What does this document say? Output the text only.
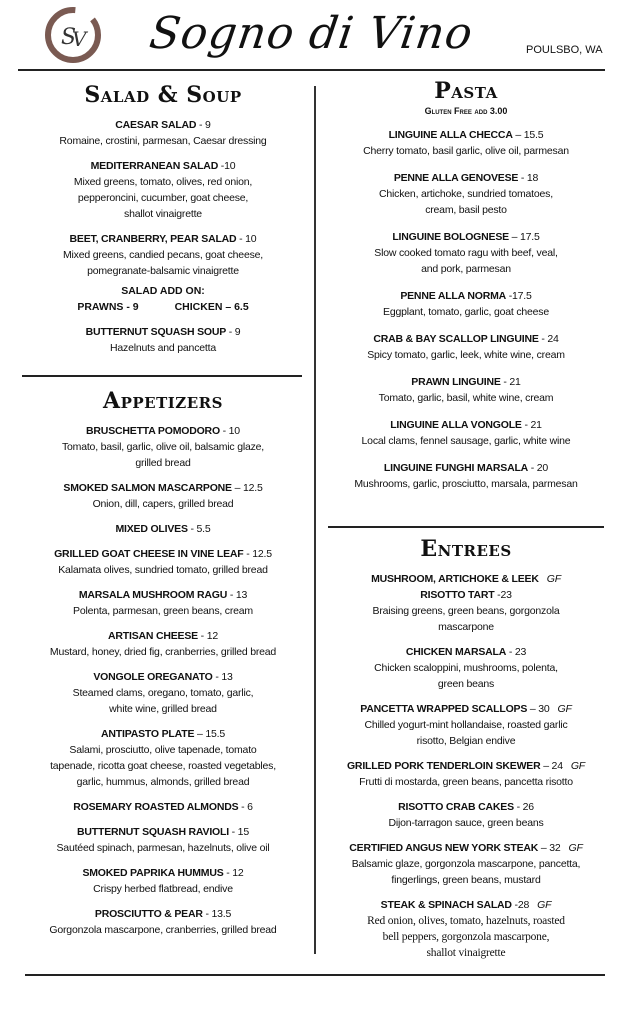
S
V Sogno di Vino	POULSBO, WA
Salad & Soup
CAESAR SALAD - 9
Romaine, crostini, parmesan, Caesar dressing
MEDITERRANEAN SALAD -10
Mixed greens, tomato, olives, red onion,
pepperoncini, cucumber, goat cheese,
shallot vinaigrette
BEET, CRANBERRY, PEAR SALAD - 10
Mixed greens, candied pecans, goat cheese,
pomegranate-balsamic vinaigrette
SALAD ADD ON:
PRAWNS - 9	CHICKEN – 6.5
BUTTERNUT SQUASH SOUP - 9
Hazelnuts and pancetta
Appetizers
BRUSCHETTA POMODORO - 10
Tomato, basil, garlic, olive oil, balsamic glaze,
grilled bread
SMOKED SALMON MASCARPONE – 12.5
Onion, dill, capers, grilled bread
MIXED OLIVES - 5.5
GRILLED GOAT CHEESE IN VINE LEAF - 12.5
Kalamata olives, sundried tomato, grilled bread
MARSALA MUSHROOM RAGU - 13
Polenta, parmesan, green beans, cream
ARTISAN CHEESE - 12
Mustard, honey, dried fig, cranberries, grilled bread
VONGOLE OREGANATO - 13
Steamed clams, oregano, tomato, garlic,
white wine, grilled bread
ANTIPASTO PLATE – 15.5
Salami, prosciutto, olive tapenade, tomato
tapenade, ricotta goat cheese, roasted vegetables,
garlic, hummus, almonds, grilled bread
ROSEMARY ROASTED ALMONDS - 6
BUTTERNUT SQUASH RAVIOLI - 15
Sautéed spinach, parmesan, hazelnuts, olive oil
SMOKED PAPRIKA HUMMUS - 12
Crispy herbed flatbread, endive
PROSCIUTTO & PEAR - 13.5
Gorgonzola mascarpone, cranberries, grilled bread
Pasta
Gluten Free add 3.00
LINGUINE ALLA CHECCA – 15.5
Cherry tomato, basil garlic, olive oil, parmesan
PENNE ALLA GENOVESE - 18
Chicken, artichoke, sundried tomatoes,
cream, basil pesto
LINGUINE BOLOGNESE – 17.5
Slow cooked tomato ragu with beef, veal,
and pork, parmesan
PENNE ALLA NORMA -17.5
Eggplant, tomato, garlic, goat cheese
CRAB & BAY SCALLOP LINGUINE - 24
Spicy tomato, garlic, leek, white wine, cream
PRAWN LINGUINE - 21
Tomato, garlic, basil, white wine, cream
LINGUINE ALLA VONGOLE - 21
Local clams, fennel sausage, garlic, white wine
LINGUINE FUNGHI MARSALA - 20
Mushrooms, garlic, prosciutto, marsala, parmesan
Entrees
MUSHROOM, ARTICHOKE & LEEK GF
RISOTTO TART -23
Braising greens, green beans, gorgonzola
mascarpone
CHICKEN MARSALA - 23
Chicken scaloppini, mushrooms, polenta,
green beans
PANCETTA WRAPPED SCALLOPS – 30 GF
Chilled yogurt-mint hollandaise, roasted garlic
risotto, Belgian endive
GRILLED PORK TENDERLOIN SKEWER – 24 GF
Frutti di mostarda, green beans, pancetta risotto
RISOTTO CRAB CAKES - 26
Dijon-tarragon sauce, green beans
CERTIFIED ANGUS NEW YORK STEAK – 32 GF
Balsamic glaze, gorgonzola mascarpone, pancetta,
fingerlings, green beans, mustard
STEAK & SPINACH SALAD -28 GF
Red onion, olives, tomato, hazelnuts, roasted
bell peppers, gorgonzola mascarpone,
shallot vinaigrette
